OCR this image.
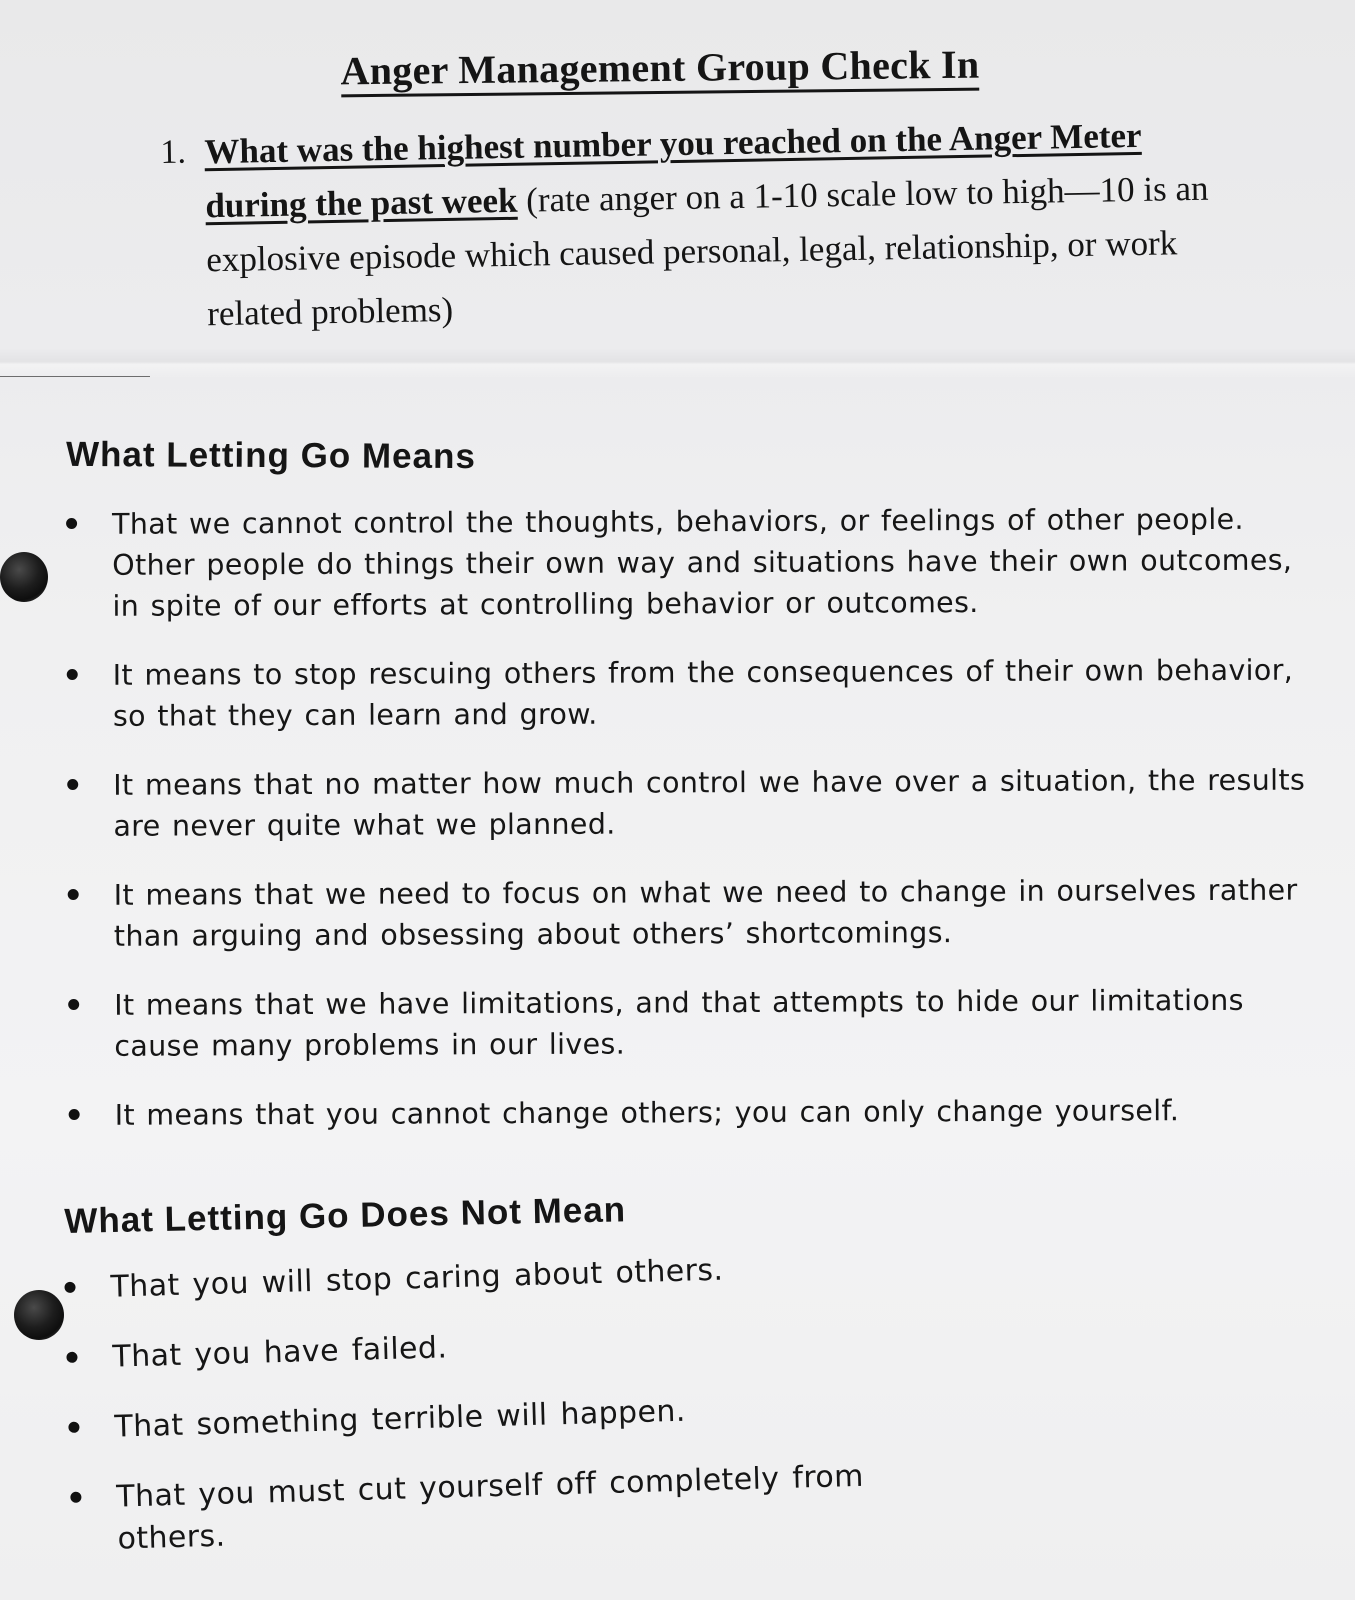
Anger Management Group Check In
1. What was the highest number you reached on the Anger Meter during the past week (rate anger on a 1-10 scale low to high—10 is an explosive episode which caused personal, legal, relationship, or work related problems)
What Letting Go Means
That we cannot control the thoughts, behaviors, or feelings of other people. Other people do things their own way and situations have their own outcomes, in spite of our efforts at controlling behavior or outcomes.
It means to stop rescuing others from the consequences of their own behavior, so that they can learn and grow.
It means that no matter how much control we have over a situation, the results are never quite what we planned.
It means that we need to focus on what we need to change in ourselves rather than arguing and obsessing about others’ shortcomings.
It means that we have limitations, and that attempts to hide our limitations cause many problems in our lives.
It means that you cannot change others; you can only change yourself.
What Letting Go Does Not Mean
That you will stop caring about others.
That you have failed.
That something terrible will happen.
That you must cut yourself off completely from others.
